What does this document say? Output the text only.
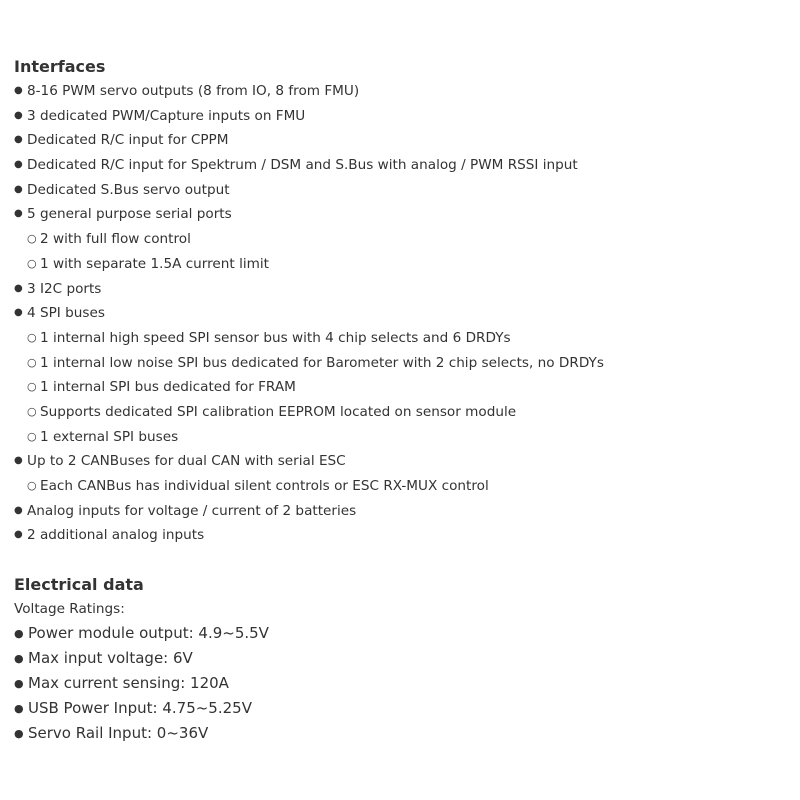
Interfaces
● 8-16 PWM servo outputs (8 from IO, 8 from FMU)
● 3 dedicated PWM/Capture inputs on FMU
● Dedicated R/C input for CPPM
● Dedicated R/C input for Spektrum / DSM and S.Bus with analog / PWM RSSI input
● Dedicated S.Bus servo output
● 5 general purpose serial ports
○ 2 with full flow control
○ 1 with separate 1.5A current limit
● 3 I2C ports
● 4 SPI buses
○ 1 internal high speed SPI sensor bus with 4 chip selects and 6 DRDYs
○ 1 internal low noise SPI bus dedicated for Barometer with 2 chip selects, no DRDYs
○ 1 internal SPI bus dedicated for FRAM
○ Supports dedicated SPI calibration EEPROM located on sensor module
○ 1 external SPI buses
● Up to 2 CANBuses for dual CAN with serial ESC
○ Each CANBus has individual silent controls or ESC RX-MUX control
● Analog inputs for voltage / current of 2 batteries
● 2 additional analog inputs
Electrical data
Voltage Ratings:
● Power module output: 4.9~5.5V
● Max input voltage: 6V
● Max current sensing: 120A
● USB Power Input: 4.75~5.25V
● Servo Rail Input: 0~36V
